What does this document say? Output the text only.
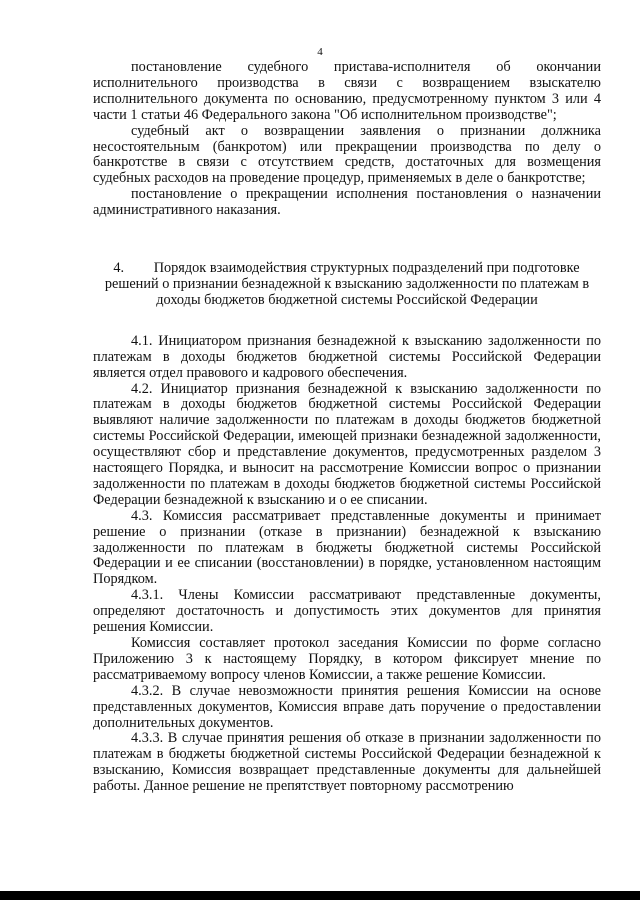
4

постановление судебного пристава-исполнителя об окончании исполнительного производства в связи с возвращением взыскателю исполнительного документа по основанию, предусмотренному пунктом 3 или 4 части 1 статьи 46 Федерального закона "Об исполнительном производстве";

судебный акт о возвращении заявления о признании должника несостоятельным (банкротом) или прекращении производства по делу о банкротстве в связи с отсутствием средств, достаточных для возмещения судебных расходов на проведение процедур, применяемых в деле о банкротстве;

постановление о прекращении исполнения постановления о назначении административного наказания.

4. Порядок взаимодействия структурных подразделений при подготовке решений о признании безнадежной к взысканию задолженности по платежам в доходы бюджетов бюджетной системы Российской Федерации

4.1. Инициатором признания безнадежной к взысканию задолженности по платежам в доходы бюджетов бюджетной системы Российской Федерации является отдел правового и кадрового обеспечения.

4.2. Инициатор признания безнадежной к взысканию задолженности по платежам в доходы бюджетов бюджетной системы Российской Федерации выявляют наличие задолженности по платежам в доходы бюджетов бюджетной системы Российской Федерации, имеющей признаки безнадежной задолженности, осуществляют сбор и представление документов, предусмотренных разделом 3 настоящего Порядка, и выносит на рассмотрение Комиссии вопрос о признании задолженности по платежам в доходы бюджетов бюджетной системы Российской Федерации безнадежной к взысканию и о ее списании.

4.3. Комиссия рассматривает представленные документы и принимает решение о признании (отказе в признании) безнадежной к взысканию задолженности по платежам в бюджеты бюджетной системы Российской Федерации и ее списании (восстановлении) в порядке, установленном настоящим Порядком.

4.3.1. Члены Комиссии рассматривают представленные документы, определяют достаточность и допустимость этих документов для принятия решения Комиссии.

Комиссия составляет протокол заседания Комиссии по форме согласно Приложению 3 к настоящему Порядку, в котором фиксирует мнение по рассматриваемому вопросу членов Комиссии, а также решение Комиссии.

4.3.2. В случае невозможности принятия решения Комиссии на основе представленных документов, Комиссия вправе дать поручение о предоставлении дополнительных документов.

4.3.3. В случае принятия решения об отказе в признании задолженности по платежам в бюджеты бюджетной системы Российской Федерации безнадежной к взысканию, Комиссия возвращает представленные документы для дальнейшей работы. Данное решение не препятствует повторному рассмотрению
